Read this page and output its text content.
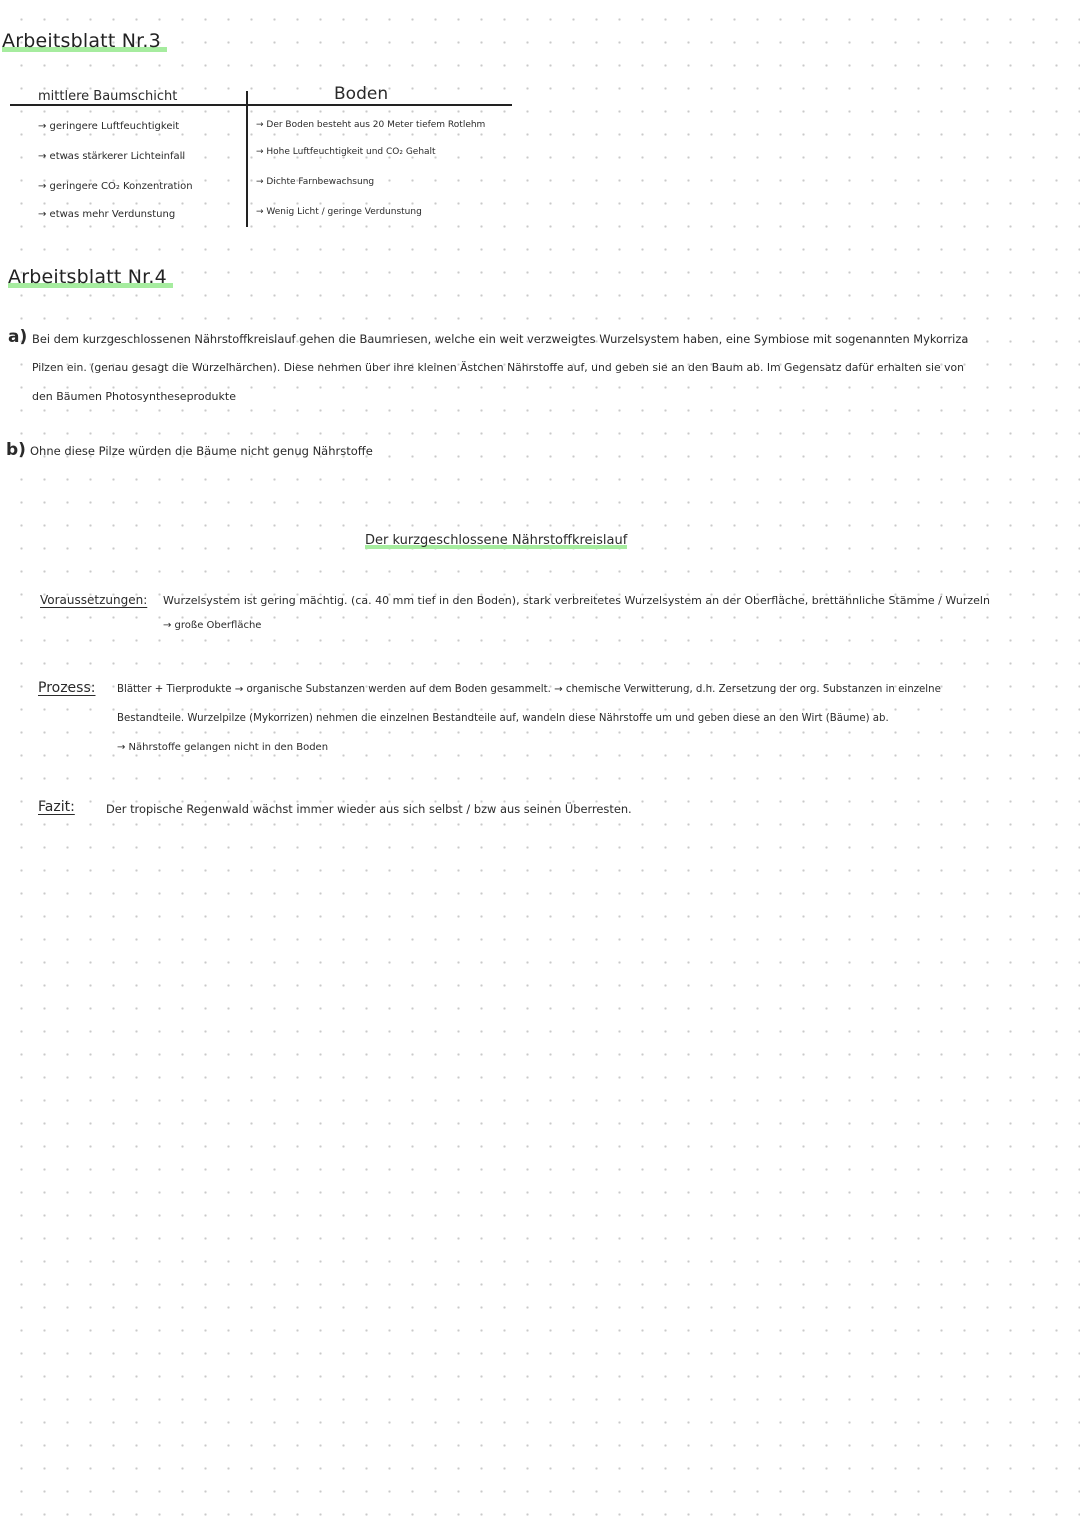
Arbeitsblatt Nr.3
mittlere Baumschicht	Boden
→ geringere Luftfeuchtigkeit
→ etwas stärkerer Lichteinfall
→ geringere CO₂ Konzentration
→ etwas mehr Verdunstung
→ Der Boden besteht aus 20 Meter tiefem Rotlehm
→ Hohe Luftfeuchtigkeit und CO₂ Gehalt
→ Dichte Farnbewachsung
→ Wenig Licht / geringe Verdunstung
Arbeitsblatt Nr.4
a) Bei dem kurzgeschlossenen Nährstoffkreislauf gehen die Baumriesen, welche ein weit verzweigtes Wurzelsystem haben, eine Symbiose mit sogenannten Mykorriza
Pilzen ein. (genau gesagt die Wurzelhärchen). Diese nehmen über ihre kleinen Ästchen Nährstoffe auf, und geben sie an den Baum ab. Im Gegensatz dafür erhalten sie von
den Bäumen Photosyntheseprodukte
b) Ohne diese Pilze würden die Bäume nicht genug Nährstoffe
Der kurzgeschlossene Nährstoffkreislauf
Voraussetzungen: Wurzelsystem ist gering mächtig. (ca. 40 mm tief in den Boden), stark verbreitetes Wurzelsystem an der Oberfläche, brettähnliche Stämme / Wurzeln
→ große Oberfläche
Prozess: Blätter + Tierprodukte → organische Substanzen werden auf dem Boden gesammelt. → chemische Verwitterung, d.h. Zersetzung der org. Substanzen in einzelne
Bestandteile. Wurzelpilze (Mykorrizen) nehmen die einzelnen Bestandteile auf, wandeln diese Nährstoffe um und geben diese an den Wirt (Bäume) ab.
→ Nährstoffe gelangen nicht in den Boden
Fazit:	Der tropische Regenwald wächst immer wieder aus sich selbst / bzw aus seinen Überresten.
